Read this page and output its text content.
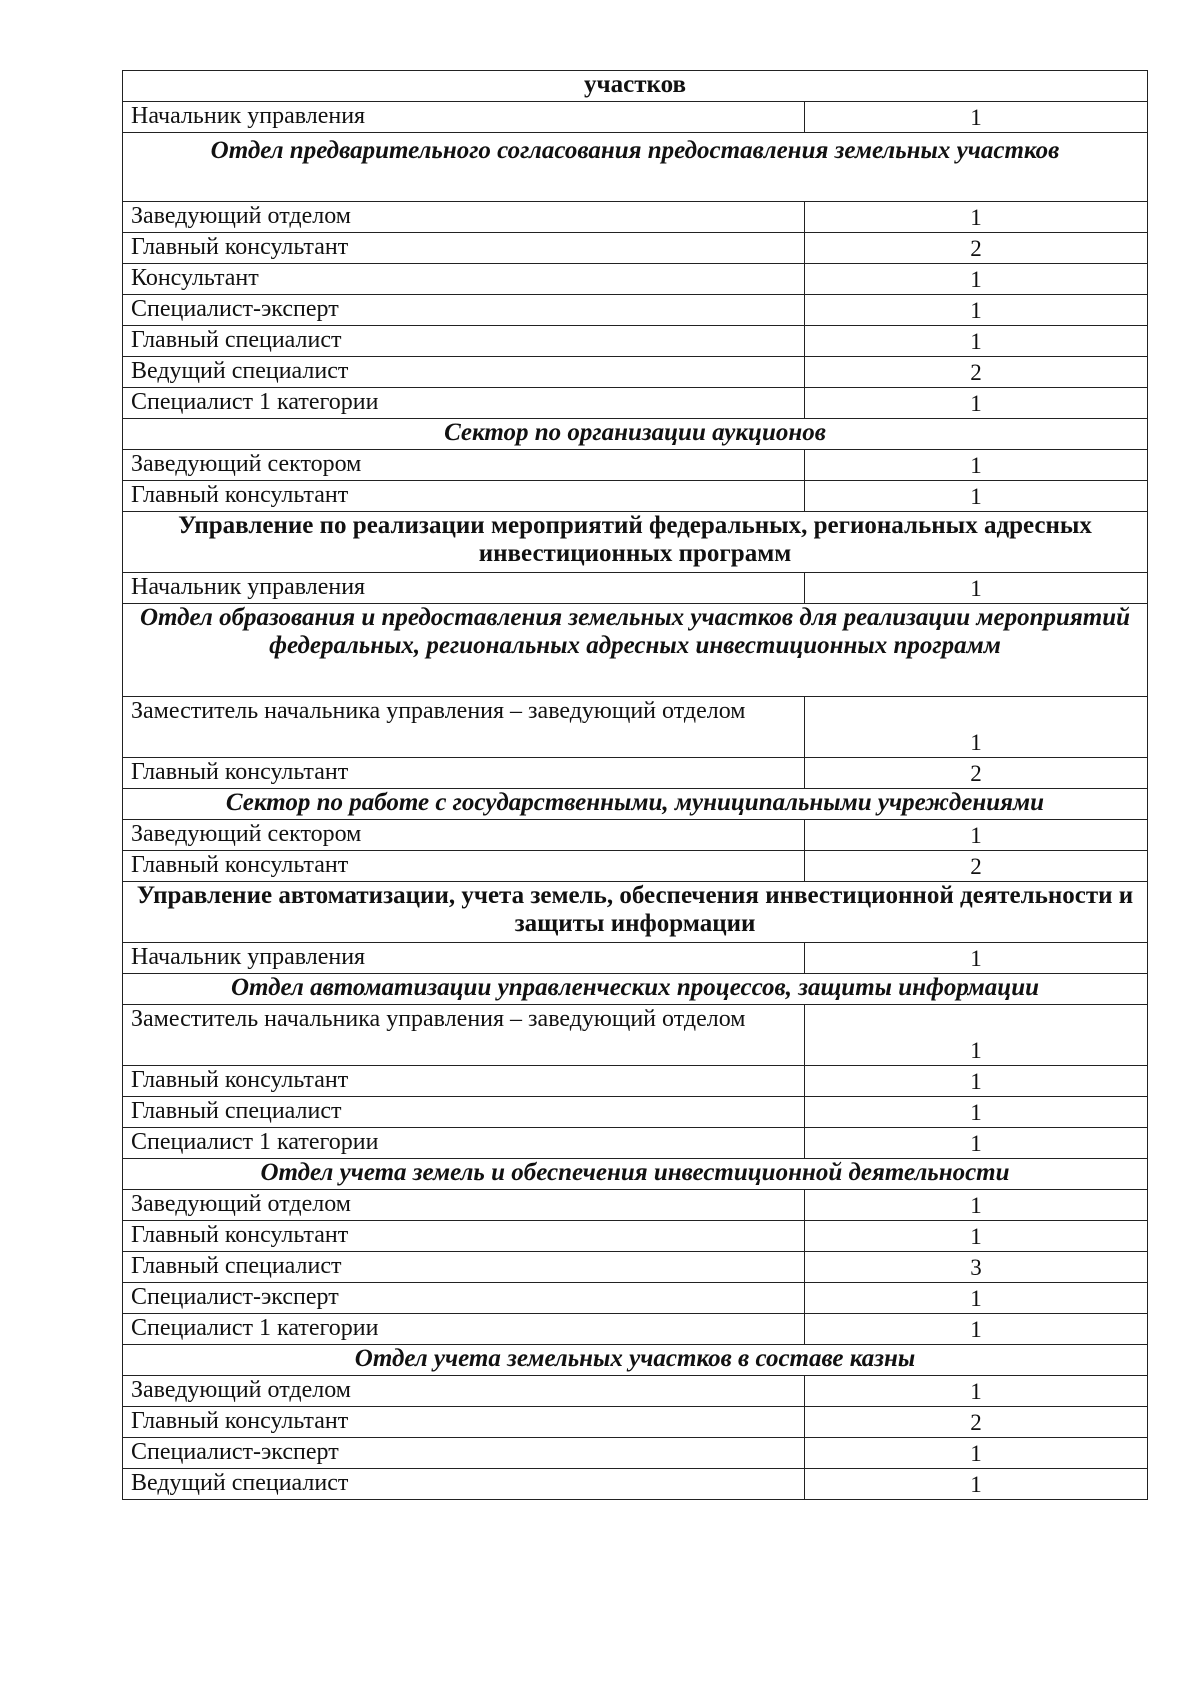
участков	
Начальник управления	1
Отдел предварительного согласования предоставления земельных участков	
Заведующий отделом	1
Главный консультант	2
Консультант	1
Специалист-эксперт	1
Главный специалист	1
Ведущий специалист	2
Специалист 1 категории	1
Сектор по организации аукционов	
Заведующий сектором	1
Главный консультант	1
Управление по реализации мероприятий федеральных, региональных адресных инвестиционных программ	
Начальник управления	1
Отдел образования и предоставления земельных участков для реализации мероприятий федеральных, региональных адресных инвестиционных программ	
Заместитель начальника управления – заведующий отделом	1
Главный консультант	2
Сектор по работе с государственными, муниципальными учреждениями	
Заведующий сектором	1
Главный консультант	2
Управление автоматизации, учета земель, обеспечения инвестиционной деятельности и защиты информации	
Начальник управления	1
Отдел автоматизации управленческих процессов, защиты информации	
Заместитель начальника управления – заведующий отделом	1
Главный консультант	1
Главный специалист	1
Специалист 1 категории	1
Отдел учета земель и обеспечения инвестиционной деятельности	
Заведующий отделом	1
Главный консультант	1
Главный специалист	3
Специалист-эксперт	1
Специалист 1 категории	1
Отдел учета земельных участков в составе казны	
Заведующий отделом	1
Главный консультант	2
Специалист-эксперт	1
Ведущий специалист	1
